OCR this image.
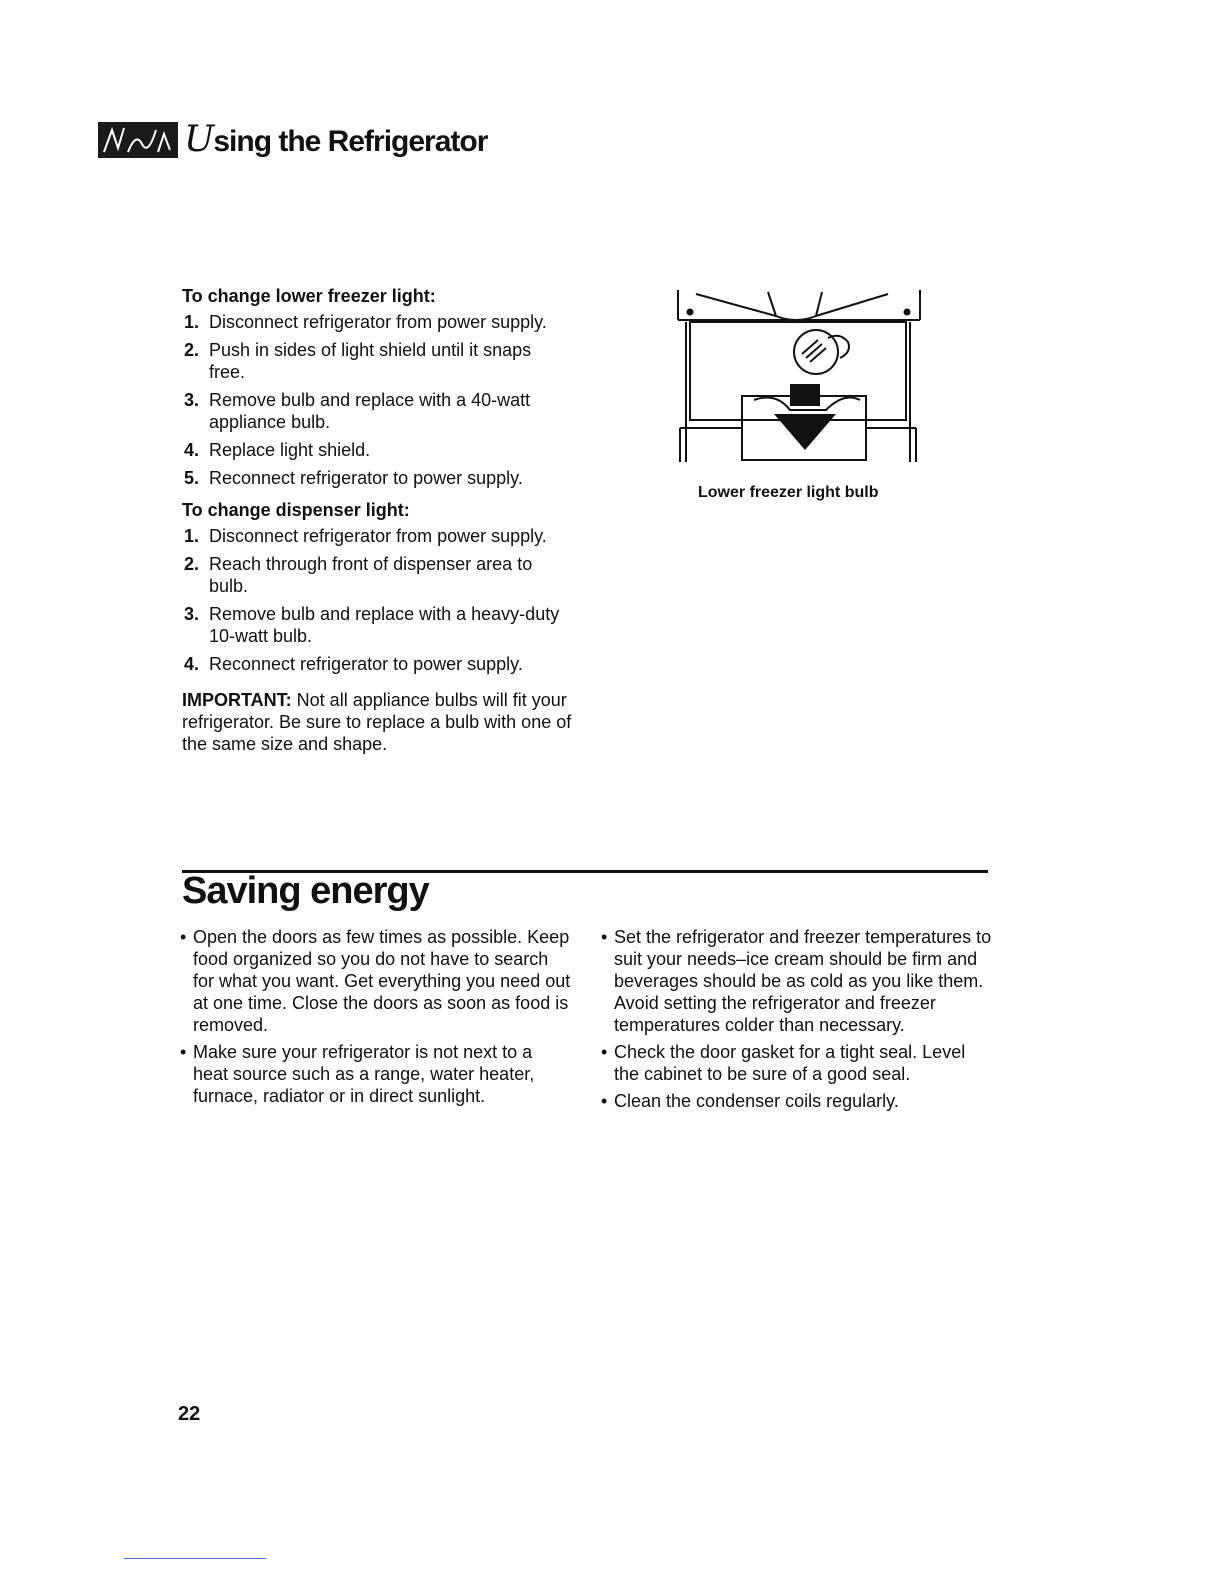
Using the Refrigerator
To change lower freezer light:
1. Disconnect refrigerator from power supply.
2. Push in sides of light shield until it snaps free.
3. Remove bulb and replace with a 40-watt appliance bulb.
4. Replace light shield.
5. Reconnect refrigerator to power supply.
To change dispenser light:
1. Disconnect refrigerator from power supply.
2. Reach through front of dispenser area to bulb.
3. Remove bulb and replace with a heavy-duty 10-watt bulb.
4. Reconnect refrigerator to power supply.
IMPORTANT: Not all appliance bulbs will fit your refrigerator. Be sure to replace a bulb with one of the same size and shape.
Lower freezer light bulb
Saving energy
• Open the doors as few times as possible. Keep food organized so you do not have to search for what you want. Get everything you need out at one time. Close the doors as soon as food is removed.
• Make sure your refrigerator is not next to a heat source such as a range, water heater, furnace, radiator or in direct sunlight.
• Set the refrigerator and freezer temperatures to suit your needs–ice cream should be firm and beverages should be as cold as you like them. Avoid setting the refrigerator and freezer temperatures colder than necessary.
• Check the door gasket for a tight seal. Level the cabinet to be sure of a good seal.
• Clean the condenser coils regularly.
22
